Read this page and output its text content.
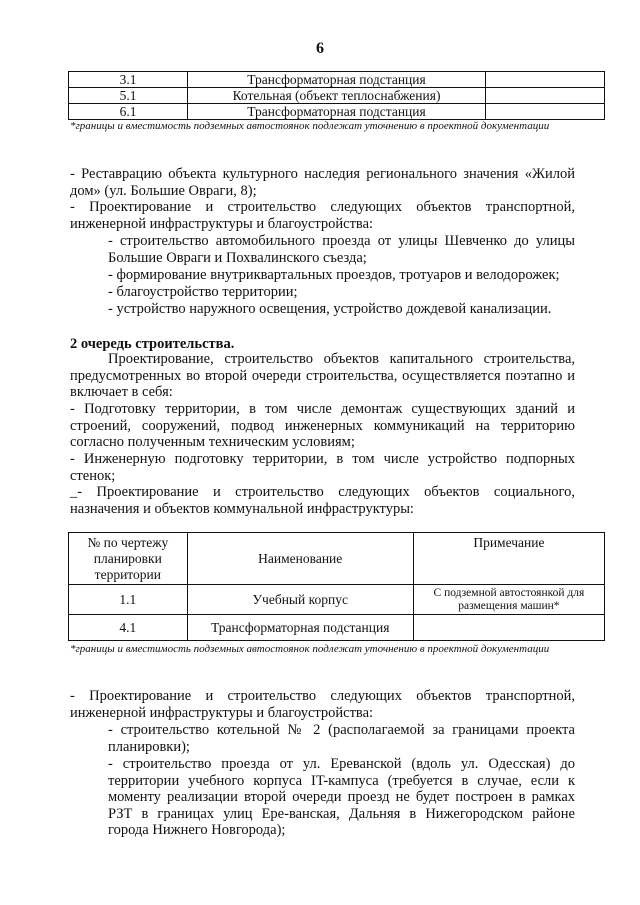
6
3.1	Трансформаторная подстанция	
5.1	Котельная (объект теплоснабжения)	
6.1	Трансформаторная подстанция	
*границы и вместимость подземных автостоянок подлежат уточнению в проектной документации

- Реставрацию объекта культурного наследия регионального значения «Жилой дом» (ул. Большие Овраги, 8);

- Проектирование и строительство следующих объектов транспортной, инженерной инфраструктуры и благоустройства:

- строительство автомобильного проезда от улицы Шевченко до улицы Большие Овраги и Похвалинского съезда;

- формирование внутриквартальных проездов, тротуаров и велодорожек;

- благоустройство территории;

- устройство наружного освещения, устройство дождевой канализации.

2 очередь строительства.

Проектирование, строительство объектов капитального строительства, предусмотренных во второй очереди строительства, осуществляется поэтапно и включает в себя:

- Подготовку территории, в том числе демонтаж существующих зданий и строений, сооружений, подвод инженерных коммуникаций на территорию согласно полученным техническим условиям;

- Инженерную подготовку территории, в том числе устройство подпорных стенок;

_- Проектирование и строительство следующих объектов социального, назначения и объектов коммунальной инфраструктуры:

№ по чертежу планировки территории	Наименование	Примечание
1.1	Учебный корпус	С подземной автостоянкой для размещения машин*
4.1	Трансформаторная подстанция	
*границы и вместимость подземных автостоянок подлежат уточнению в проектной документации

- Проектирование и строительство следующих объектов транспортной, инженерной инфраструктуры и благоустройства:

- строительство котельной № 2 (располагаемой за границами проекта планировки);

- строительство проезда от ул. Ереванской (вдоль ул. Одесская) до территории учебного корпуса IT-кампуса (требуется в случае, если к моменту реализации второй очереди проезд не будет построен в рамках РЗТ в границах улиц Ере-ванская, Дальняя в Нижегородском районе города Нижнего Новгорода);
